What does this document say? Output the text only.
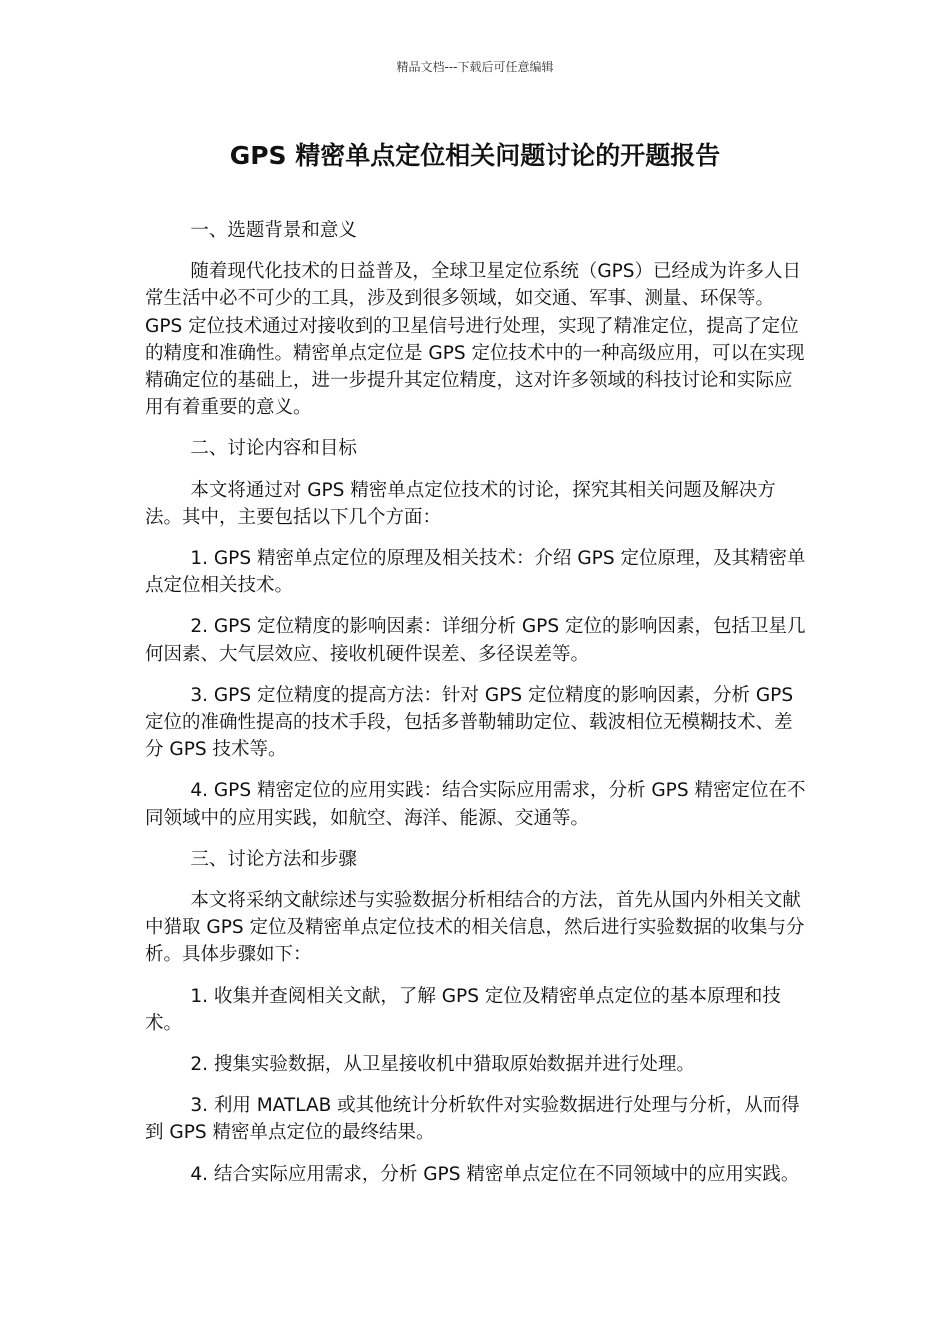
精品文档---下载后可任意编辑
GPS 精密单点定位相关问题讨论的开题报告

一、选题背景和意义

随着现代化技术的日益普及，全球卫星定位系统（GPS）已经成为许多人日常生活中必不可少的工具，涉及到很多领域，如交通、军事、测量、环保等。GPS 定位技术通过对接收到的卫星信号进行处理，实现了精准定位，提高了定位的精度和准确性。精密单点定位是 GPS 定位技术中的一种高级应用，可以在实现精确定位的基础上，进一步提升其定位精度，这对许多领域的科技讨论和实际应用有着重要的意义。

二、讨论内容和目标

本文将通过对 GPS 精密单点定位技术的讨论，探究其相关问题及解决方法。其中，主要包括以下几个方面：

1. GPS 精密单点定位的原理及相关技术：介绍 GPS 定位原理，及其精密单点定位相关技术。

2. GPS 定位精度的影响因素：详细分析 GPS 定位的影响因素，包括卫星几何因素、大气层效应、接收机硬件误差、多径误差等。

3. GPS 定位精度的提高方法：针对 GPS 定位精度的影响因素，分析 GPS 定位的准确性提高的技术手段，包括多普勒辅助定位、载波相位无模糊技术、差分 GPS 技术等。

4. GPS 精密定位的应用实践：结合实际应用需求，分析 GPS 精密定位在不同领域中的应用实践，如航空、海洋、能源、交通等。

三、讨论方法和步骤

本文将采纳文献综述与实验数据分析相结合的方法，首先从国内外相关文献中猎取 GPS 定位及精密单点定位技术的相关信息，然后进行实验数据的收集与分析。具体步骤如下：

1. 收集并查阅相关文献，了解 GPS 定位及精密单点定位的基本原理和技术。

2. 搜集实验数据，从卫星接收机中猎取原始数据并进行处理。

3. 利用 MATLAB 或其他统计分析软件对实验数据进行处理与分析，从而得到 GPS 精密单点定位的最终结果。

4. 结合实际应用需求，分析 GPS 精密单点定位在不同领域中的应用实践。
